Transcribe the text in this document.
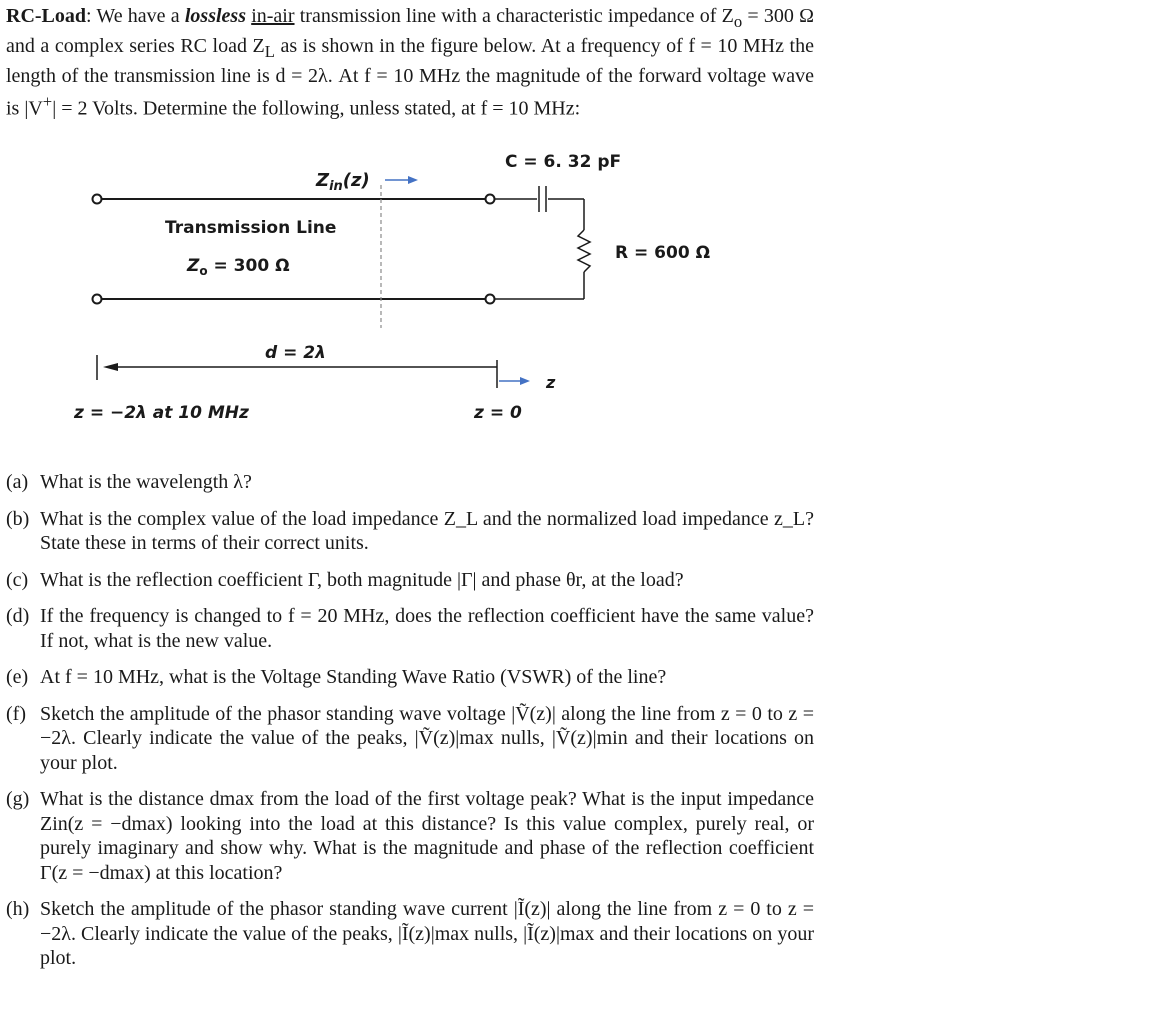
RC-Load: We have a lossless in-air transmission line with a characteristic impedance of $Z_o = 300$ Ω and a complex series RC load $Z_L$ as is shown in the figure below. At a frequency of f = 10 MHz the length of the transmission line is d = 2λ. At f = 10 MHz the magnitude of the forward voltage wave is |V+| = 2 Volts. Determine the following, unless stated, at f = 10 MHz:
$Z_{in}(z)$
C = 6. 32 pF
R = 600 Ω
Transmission Line
$Z_o = 300$ Ω
d = 2λ
z
z = −2λ at 10 MHz	z = 0
(a) What is the wavelength λ?
(b) What is the complex value of the load impedance Z_L and the normalized load impedance z_L? State these in terms of their correct units.
(c) What is the reflection coefficient Γ, both magnitude |Γ| and phase θr, at the load?
(d) If the frequency is changed to f = 20 MHz, does the reflection coefficient have the same value? If not, what is the new value.
(e) At f = 10 MHz, what is the Voltage Standing Wave Ratio (VSWR) of the line?
(f) Sketch the amplitude of the phasor standing wave voltage |Ṽ(z)| along the line from z = 0 to z = −2λ. Clearly indicate the value of the peaks, |Ṽ(z)|max nulls, |Ṽ(z)|min and their locations on your plot.
(g) What is the distance dmax from the load of the first voltage peak? What is the input impedance Zin(z = −dmax) looking into the load at this distance? Is this value complex, purely real, or purely imaginary and show why. What is the magnitude and phase of the reflection coefficient Γ(z = −dmax) at this location?
(h) Sketch the amplitude of the phasor standing wave current |Ĩ(z)| along the line from z = 0 to z = −2λ. Clearly indicate the value of the peaks, |Ĩ(z)|max nulls, |Ĩ(z)|max and their locations on your plot.
